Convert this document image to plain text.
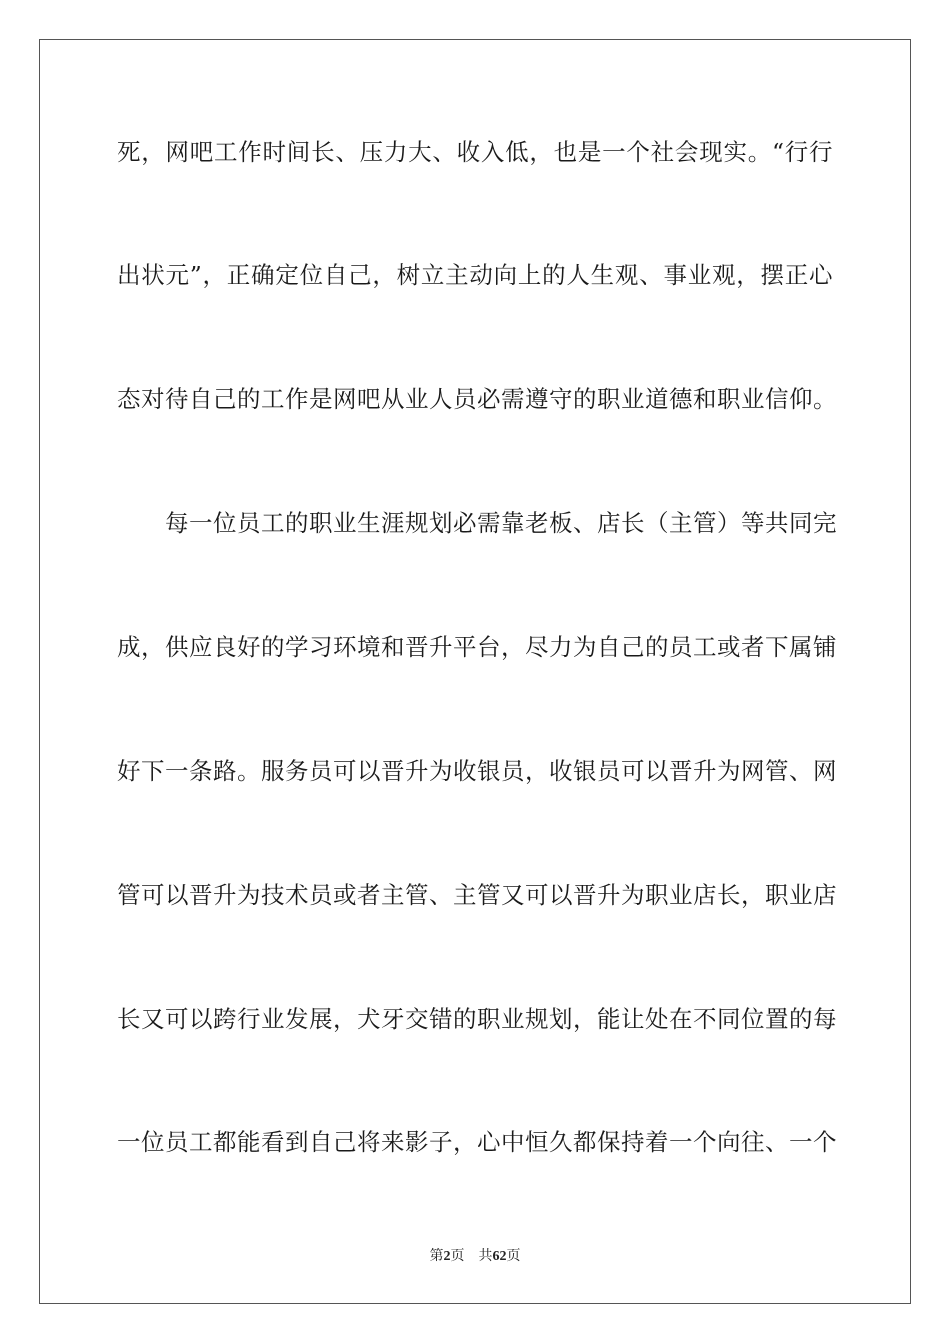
死，网吧工作时间长、压力大、收入低，也是一个社会现实。“行行
出状元”，正确定位自己，树立主动向上的人生观、事业观，摆正心
态对待自己的工作是网吧从业人员必需遵守的职业道德和职业信仰。
每一位员工的职业生涯规划必需靠老板、店长（主管）等共同完
成，供应良好的学习环境和晋升平台，尽力为自己的员工或者下属铺
好下一条路。服务员可以晋升为收银员，收银员可以晋升为网管、网
管可以晋升为技术员或者主管、主管又可以晋升为职业店长，职业店
长又可以跨行业发展，犬牙交错的职业规划，能让处在不同位置的每
一位员工都能看到自己将来影子，心中恒久都保持着一个向往、一个
第2页 共62页
